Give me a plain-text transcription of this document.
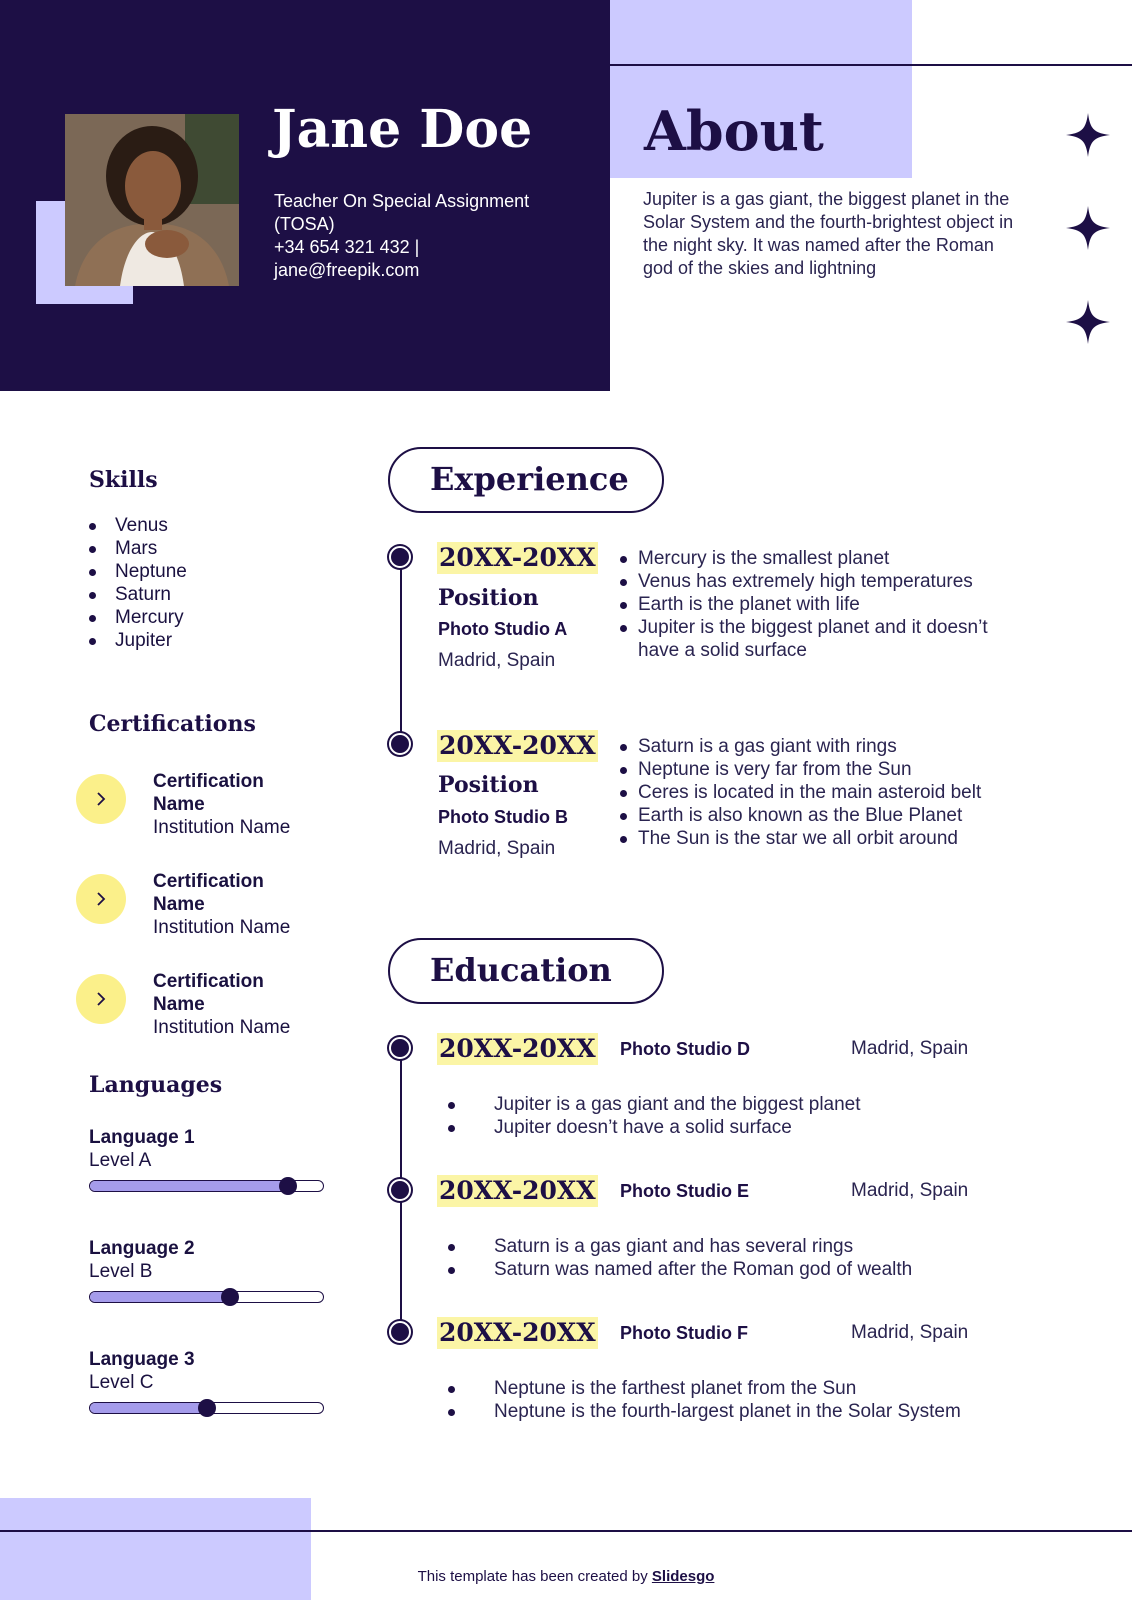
Jane Doe
Teacher On Special Assignment
(TOSA)
+34 654 321 432 |
jane@freepik.com
About
Jupiter is a gas giant, the biggest planet in the Solar System and the fourth-brightest object in the night sky. It was named after the Roman god of the skies and lightning
Skills
Venus
Mars
Neptune
Saturn
Mercury
Jupiter
Certifications
Certification Name
Institution Name
Certification Name
Institution Name
Certification Name
Institution Name
Languages
Language 1
Level A
Language 2
Level B
Language 3
Level C
Experience
20XX-20XX
Position
Photo Studio A
Madrid, Spain
Mercury is the smallest planet
Venus has extremely high temperatures
Earth is the planet with life
Jupiter is the biggest planet and it doesn’t have a solid surface
20XX-20XX
Position
Photo Studio B
Madrid, Spain
Saturn is a gas giant with rings
Neptune is very far from the Sun
Ceres is located in the main asteroid belt
Earth is also known as the Blue Planet
The Sun is the star we all orbit around
Education
20XX-20XX Photo Studio D	Madrid, Spain
Jupiter is a gas giant and the biggest planet
Jupiter doesn’t have a solid surface
20XX-20XX Photo Studio E	Madrid, Spain
Saturn is a gas giant and has several rings
Saturn was named after the Roman god of wealth
20XX-20XX Photo Studio F	Madrid, Spain
Neptune is the farthest planet from the Sun
Neptune is the fourth-largest planet in the Solar System
This template has been created by Slidesgo
